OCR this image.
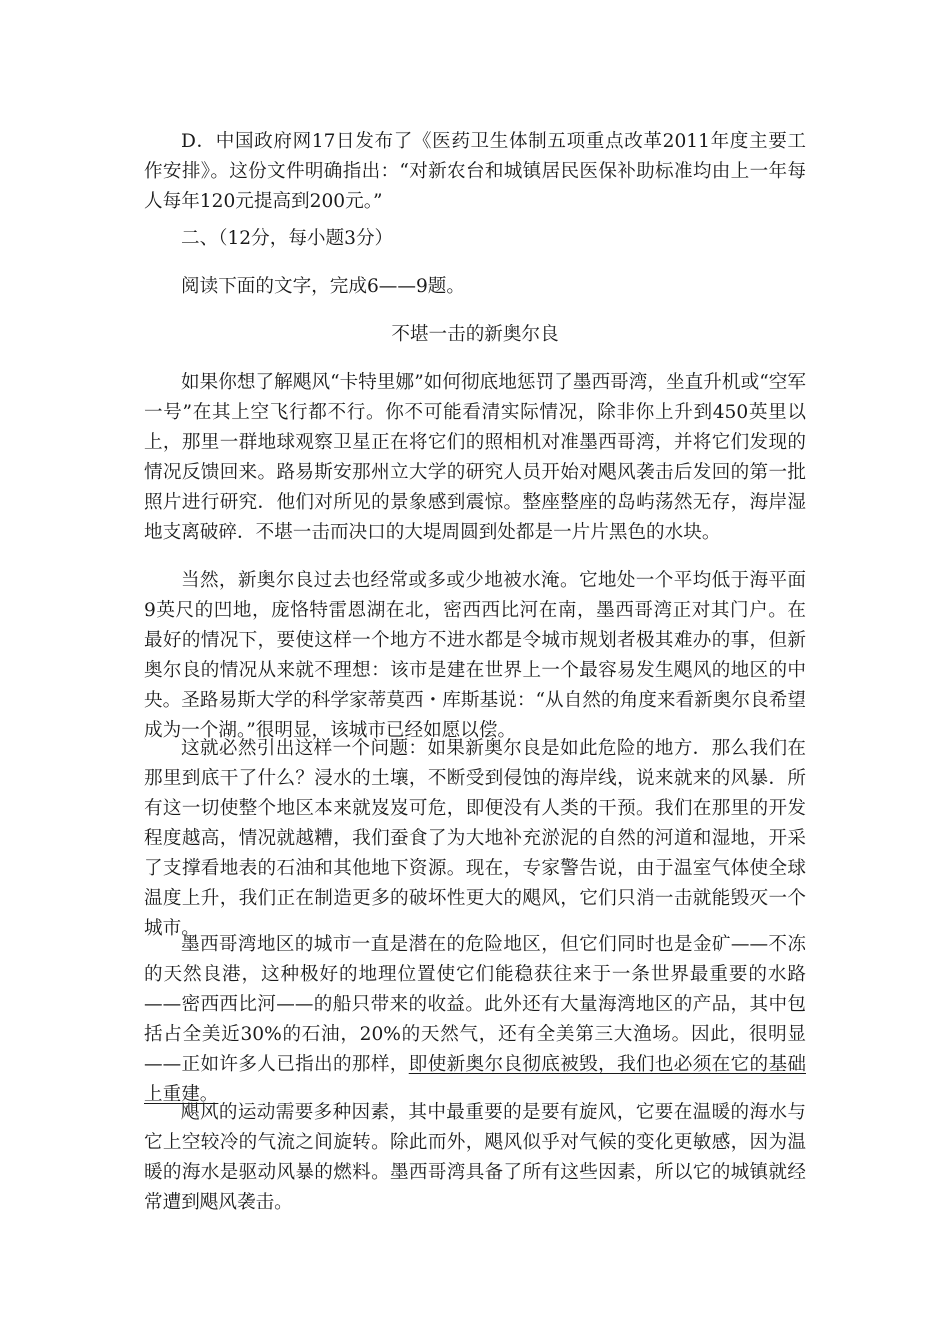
D．中国政府网17日发布了《医药卫生体制五项重点改革2011年度主要工作安排》。这份文件明确指出：“对新农台和城镇居民医保补助标准均由上一年每人每年120元提高到200元。”

二、（12分，每小题3分）

阅读下面的文字，完成6——9题。

不堪一击的新奥尔良

如果你想了解飓风“卡特里娜”如何彻底地惩罚了墨西哥湾，坐直升机或“空军一号”在其上空飞行都不行。你不可能看清实际情况，除非你上升到450英里以上，那里一群地球观察卫星正在将它们的照相机对准墨西哥湾，并将它们发现的情况反馈回来。路易斯安那州立大学的研究人员开始对飓风袭击后发回的第一批照片进行研究．他们对所见的景象感到震惊。整座整座的岛屿荡然无存，海岸湿地支离破碎．不堪一击而决口的大堤周圆到处都是一片片黑色的水块。

当然，新奥尔良过去也经常或多或少地被水淹。它地处一个平均低于海平面9英尺的凹地，庞恪特雷恩湖在北，密西西比河在南，墨西哥湾正对其门户。在最好的情况下，要使这样一个地方不进水都是令城市规划者极其难办的事，但新奥尔良的情况从来就不理想：该市是建在世界上一个最容易发生飓风的地区的中央。圣路易斯大学的科学家蒂莫西・库斯基说：“从自然的角度来看新奥尔良希望成为一个湖。”很明显，该城市已经如愿以偿。

这就必然引出这样一个问题：如果新奥尔良是如此危险的地方．那么我们在那里到底干了什么？浸水的土壤，不断受到侵蚀的海岸线，说来就来的风暴．所有这一切使整个地区本来就岌岌可危，即便没有人类的干预。我们在那里的开发程度越高，情况就越糟，我们蚕食了为大地补充淤泥的自然的河道和湿地，开采了支撑看地表的石油和其他地下资源。现在，专家警告说，由于温室气体使全球温度上升，我们正在制造更多的破坏性更大的飓风，它们只消一击就能毁灭一个城市。

墨西哥湾地区的城市一直是潜在的危险地区，但它们同时也是金矿——不冻的天然良港，这种极好的地理位置使它们能稳获往来于一条世界最重要的水路——密西西比河——的船只带来的收益。此外还有大量海湾地区的产品，其中包括占全美近30%的石油，20%的天然气，还有全美第三大渔场。因此，很明显——正如许多人已指出的那样，即使新奥尔良彻底被毁，我们也必须在它的基础上重建。

飓风的运动需要多种因素，其中最重要的是要有旋风，它要在温暖的海水与它上空较冷的气流之间旋转。除此而外，飓风似乎对气候的变化更敏感，因为温暖的海水是驱动风暴的燃料。墨西哥湾具备了所有这些因素，所以它的城镇就经常遭到飓风袭击。
